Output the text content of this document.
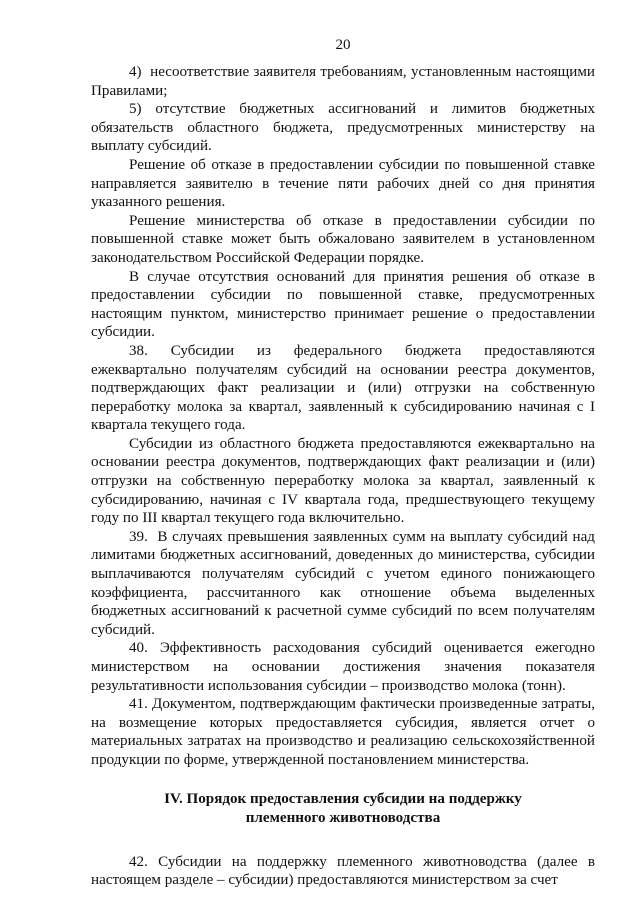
20

4)  несоответствие заявителя требованиям, установленным настоящими Правилами;

5) отсутствие бюджетных ассигнований и лимитов бюджетных обязательств областного бюджета, предусмотренных министерству на выплату субсидий.

Решение об отказе в предоставлении субсидии по повышенной ставке направляется заявителю в течение пяти рабочих дней со дня принятия указанного решения.

Решение министерства об отказе в предоставлении субсидии по повышенной ставке может быть обжаловано заявителем в установленном законодательством Российской Федерации порядке.

В случае отсутствия оснований для принятия решения об отказе в предоставлении субсидии по повышенной ставке, предусмотренных настоящим пунктом, министерство принимает решение о предоставлении субсидии.

38. Субсидии из федерального бюджета предоставляются ежеквартально получателям субсидий на основании реестра документов, подтверждающих факт реализации и (или) отгрузки на собственную переработку молока за квартал, заявленный к субсидированию начиная с I квартала текущего года.

Субсидии из областного бюджета предоставляются ежеквартально на основании реестра документов, подтверждающих факт реализации и (или) отгрузки на собственную переработку молока за квартал, заявленный к субсидированию, начиная с IV квартала года, предшествующего текущему году по III квартал текущего года включительно.

39.  В случаях превышения заявленных сумм на выплату субсидий над лимитами бюджетных ассигнований, доведенных до министерства, субсидии выплачиваются получателям субсидий с учетом единого понижающего коэффициента, рассчитанного как отношение объема выделенных бюджетных ассигнований к расчетной сумме субсидий по всем получателям субсидий.

40. Эффективность расходования субсидий оценивается ежегодно министерством на основании достижения значения показателя результативности использования субсидии – производство молока (тонн).

41. Документом, подтверждающим фактически произведенные затраты, на возмещение которых предоставляется субсидия, является отчет о материальных затратах на производство и реализацию сельскохозяйственной продукции по форме, утвержденной постановлением министерства.

IV. Порядок предоставления субсидии на поддержку
племенного животноводства

42. Субсидии на поддержку племенного животноводства (далее в настоящем разделе – субсидии) предоставляются министерством за счет
